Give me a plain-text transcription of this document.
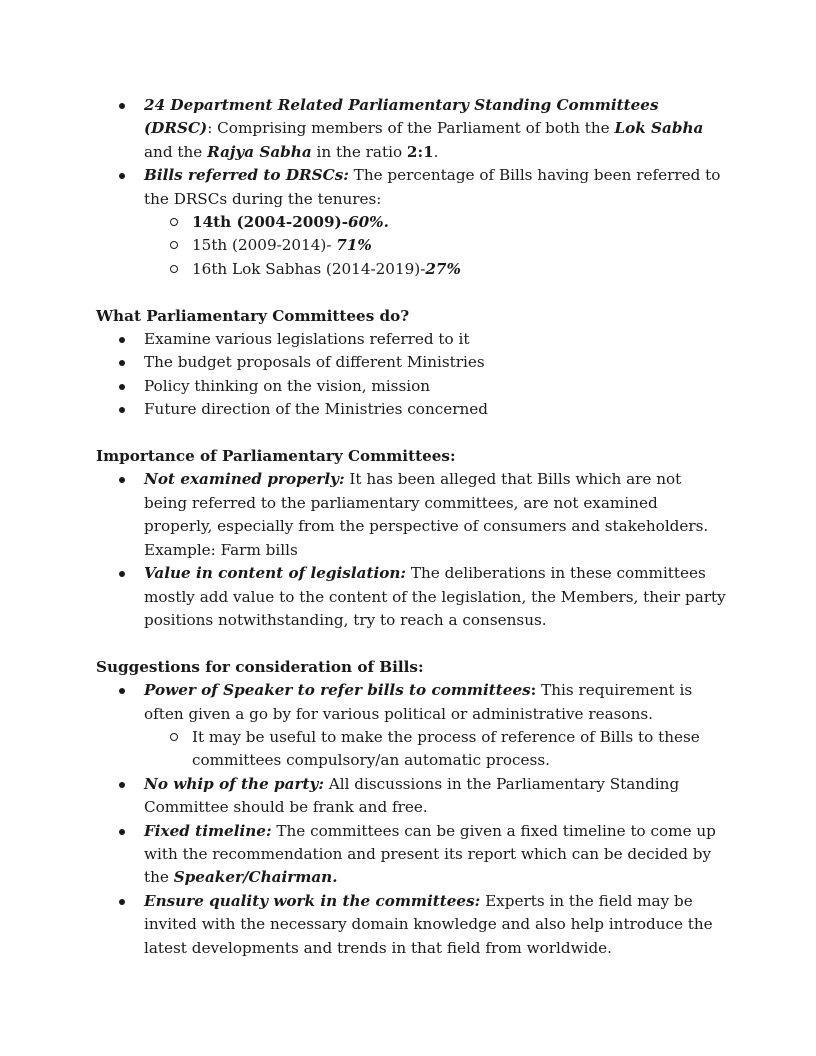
24 Department Related Parliamentary Standing Committees (DRSC): Comprising members of the Parliament of both the Lok Sabha and the Rajya Sabha in the ratio 2:1.
Bills referred to DRSCs: The percentage of Bills having been referred to the DRSCs during the tenures:
14th (2004-2009)-60%.
15th (2009-2014)- 71%
16th Lok Sabhas (2014-2019)-27%

What Parliamentary Committees do?

Examine various legislations referred to it
The budget proposals of different Ministries
Policy thinking on the vision, mission
Future direction of the Ministries concerned

Importance of Parliamentary Committees:

Not examined properly: It has been alleged that Bills which are not being referred to the parliamentary committees, are not examined properly, especially from the perspective of consumers and stakeholders. Example: Farm bills
Value in content of legislation: The deliberations in these committees mostly add value to the content of the legislation, the Members, their party positions notwithstanding, try to reach a consensus.

Suggestions for consideration of Bills:

Power of Speaker to refer bills to committees: This requirement is often given a go by for various political or administrative reasons.
It may be useful to make the process of reference of Bills to these committees compulsory/an automatic process.
No whip of the party: All discussions in the Parliamentary Standing Committee should be frank and free.
Fixed timeline: The committees can be given a fixed timeline to come up with the recommendation and present its report which can be decided by the Speaker/Chairman.
Ensure quality work in the committees: Experts in the field may be invited with the necessary domain knowledge and also help introduce the latest developments and trends in that field from worldwide.
